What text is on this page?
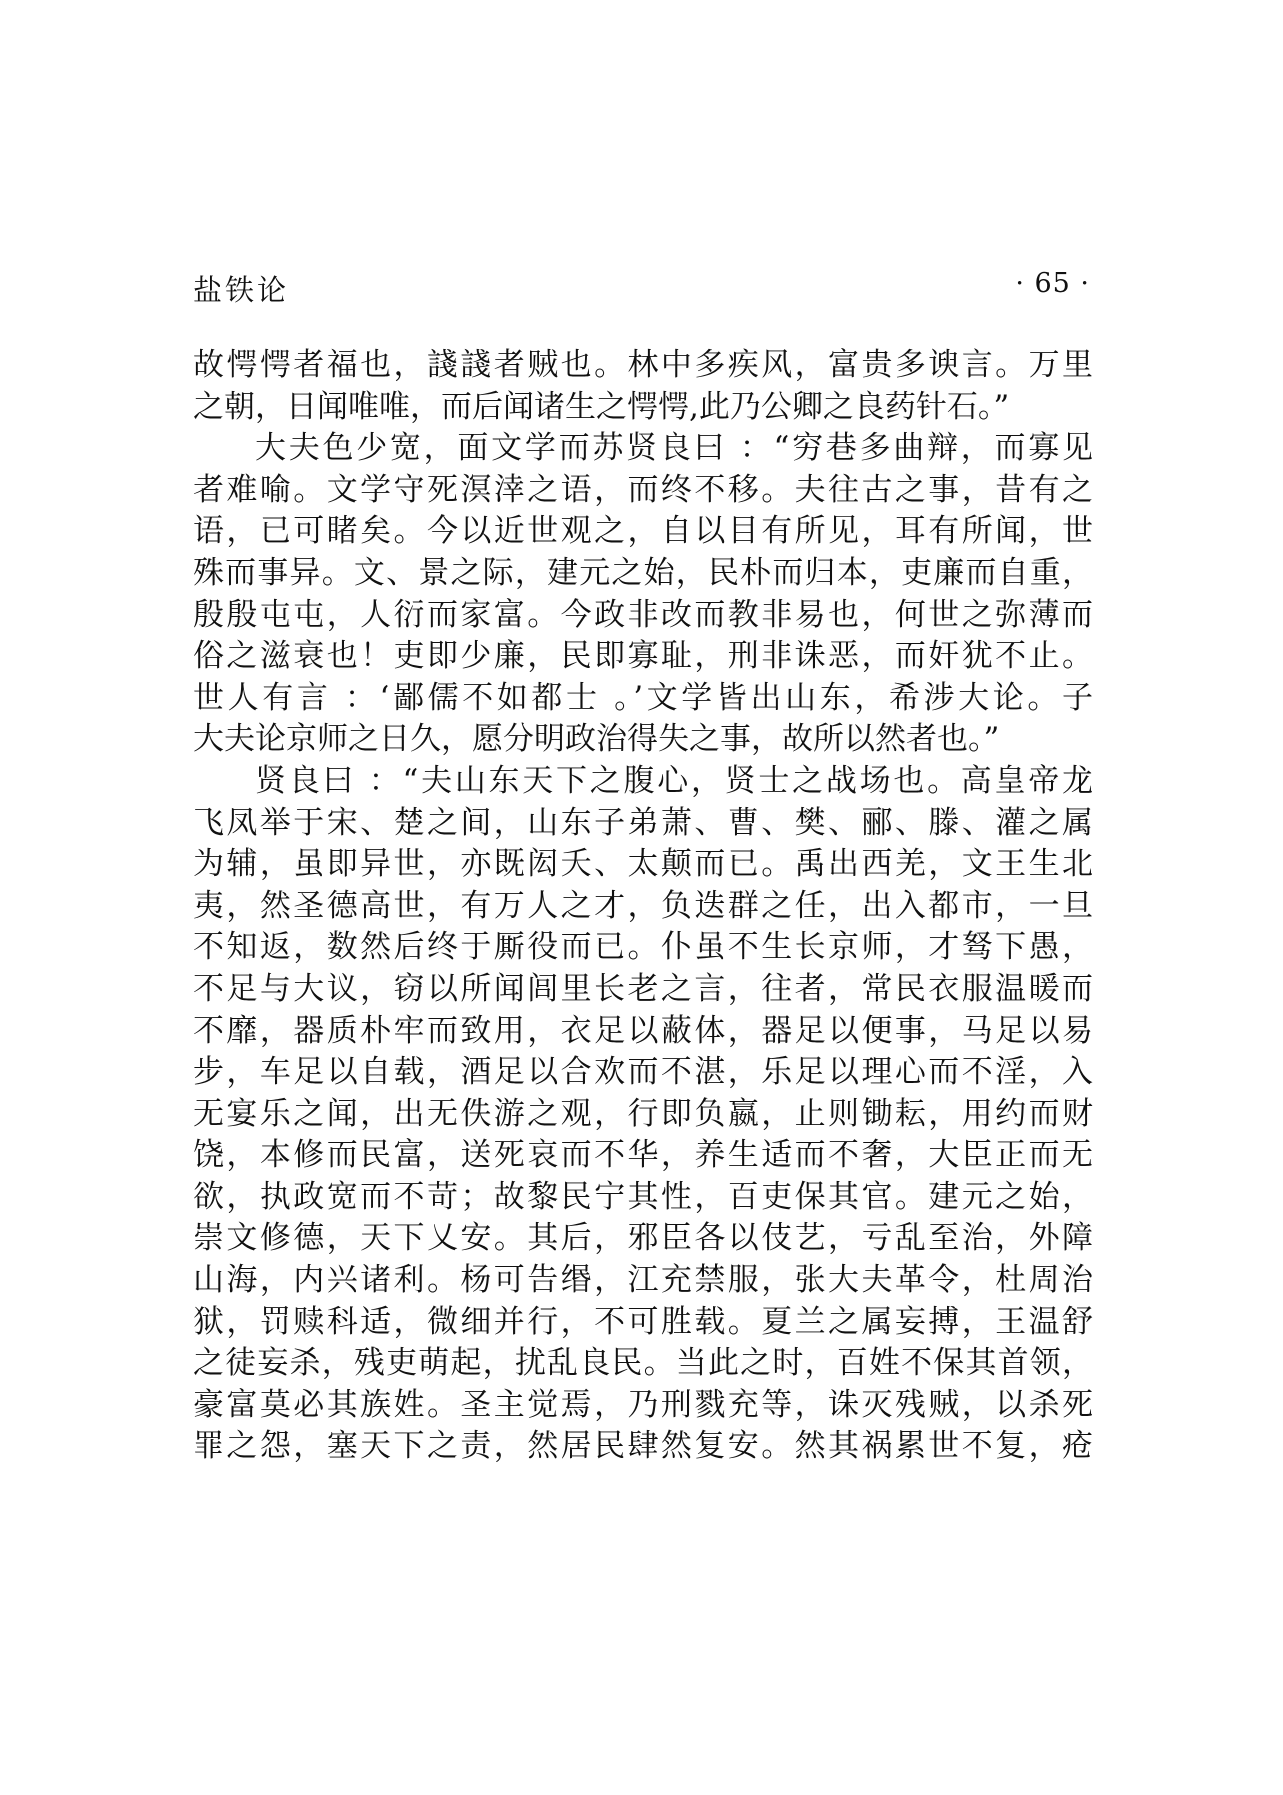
盐铁论	· 65 ·
故愕愕者福也，諓諓者贼也。林中多疾风，富贵多谀言。万里
之朝，日闻唯唯，而后闻诸生之愕愕,此乃公卿之良药针石。”
大夫色少宽，面文学而苏贤良曰 ：“穷巷多曲辩，而寡见
者难喻。文学守死溟涬之语，而终不移。夫往古之事，昔有之
语，已可睹矣。今以近世观之，自以目有所见，耳有所闻，世
殊而事异。文、景之际，建元之始，民朴而归本，吏廉而自重，
殷殷屯屯，人衍而家富。今政非改而教非易也，何世之弥薄而
俗之滋衰也！吏即少廉，民即寡耻，刑非诛恶，而奸犹不止。
世人有言 ：‘鄙儒不如都士 。’文学皆出山东，希涉大论。子
大夫论京师之日久，愿分明政治得失之事，故所以然者也。”
贤良曰 ：“夫山东天下之腹心，贤士之战场也。高皇帝龙
飞凤举于宋、楚之间，山东子弟萧、曹、樊、郦、滕、灌之属
为辅，虽即异世，亦既闳夭、太颠而已。禹出西羌，文王生北
夷，然圣德高世，有万人之才，负迭群之任，出入都市，一旦
不知返，数然后终于厮役而已。仆虽不生长京师，才驽下愚，
不足与大议，窃以所闻闾里长老之言，往者，常民衣服温暖而
不靡，器质朴牢而致用，衣足以蔽体，器足以便事，马足以易
步，车足以自载，酒足以合欢而不湛，乐足以理心而不淫，入
无宴乐之闻，出无佚游之观，行即负嬴，止则锄耘，用约而财
饶，本修而民富，送死哀而不华，养生适而不奢，大臣正而无
欲，执政宽而不苛；故黎民宁其性，百吏保其官。建元之始，
崇文修德，天下乂安。其后，邪臣各以伎艺，亏乱至治，外障
山海，内兴诸利。杨可告缗，江充禁服，张大夫革令，杜周治
狱，罚赎科适，微细并行，不可胜载。夏兰之属妄搏，王温舒
之徒妄杀，残吏萌起，扰乱良民。当此之时，百姓不保其首领，
豪富莫必其族姓。圣主觉焉，乃刑戮充等，诛灭残贼，以杀死
罪之怨，塞天下之责，然居民肆然复安。然其祸累世不复，疮
